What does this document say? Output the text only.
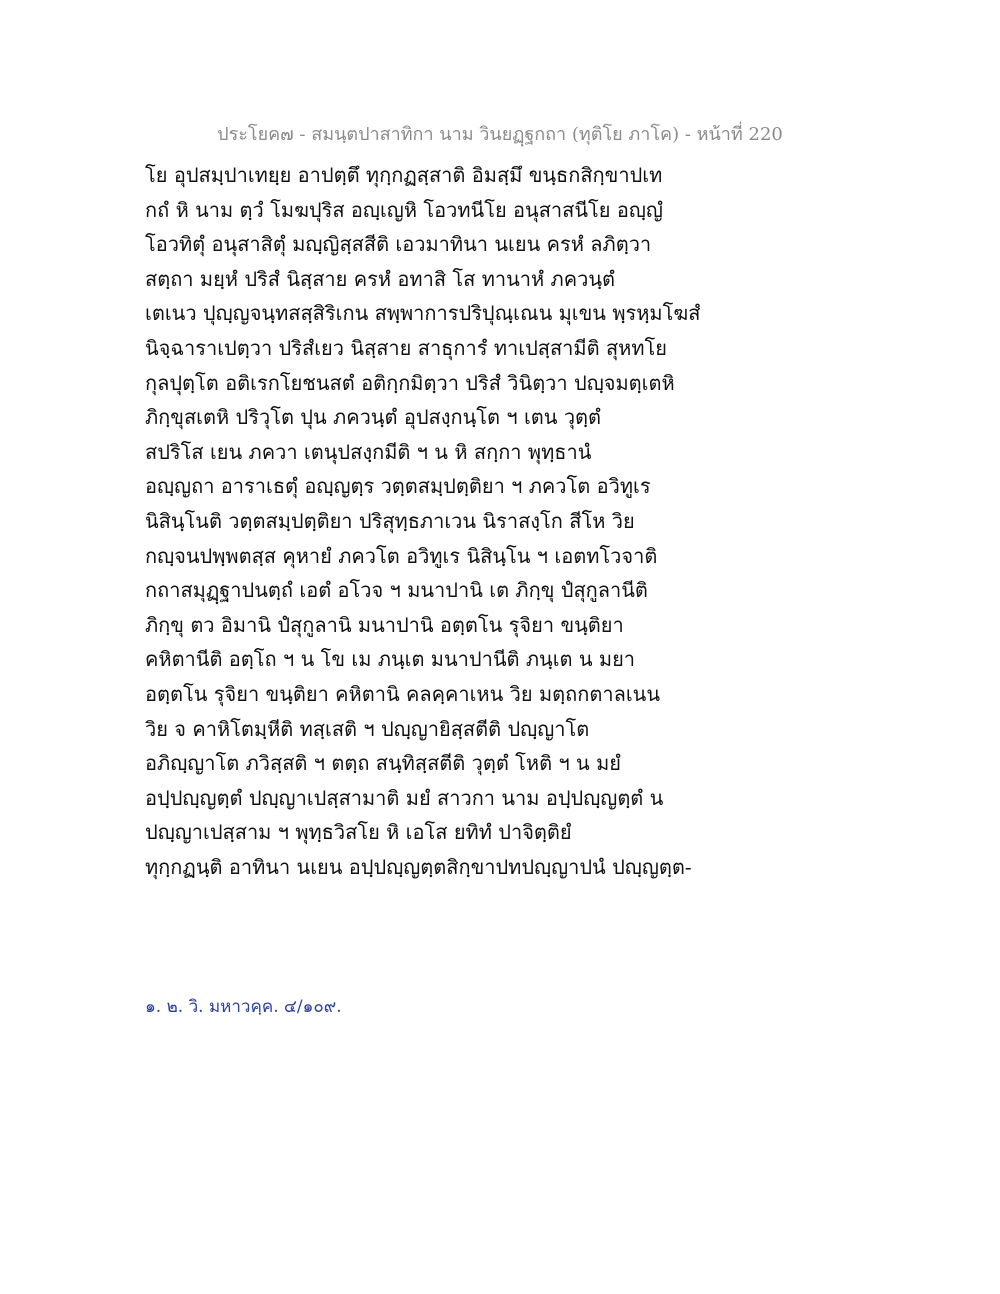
ประโยค๗ - สมนฺตปาสาทิกา นาม วินยฏฺฐกถา (ทุติโย ภาโค) - หน้าที่ 220
โย อุปสมฺปาเทยฺย อาปตฺตึ ทุกฺกฏสฺสาติ อิมสฺมึ ขนฺธกสิกฺขาปเท
กถํ หิ นาม ตฺวํ โมฆปุริส อญฺเญหิ โอวทนีโย อนุสาสนีโย อญฺญํ
โอวทิตุํ อนุสาสิตุํ มญฺญิสฺสสีติ เอวมาทินา นเยน ครหํ ลภิตฺวา
สตฺถา มยฺหํ ปริสํ นิสฺสาย ครหํ อทาสิ โส ทานาหํ ภควนฺตํ
เตเนว ปุญฺญจนฺทสสฺสิริเกน สพฺพาการปริปุณฺเณน มุเขน พฺรหฺมโฆสํ
นิจฺฉาราเปตฺวา ปริสํเยว นิสฺสาย สาธุการํ ทาเปสฺสามีติ สุหทโย
กุลปุตฺโต อติเรกโยชนสตํ อติกฺกมิตฺวา ปริสํ วินิตฺวา ปญฺจมตฺเตหิ
ภิกฺขุสเตหิ ปริวุโต ปุน ภควนฺตํ อุปสงฺกนฺโต ฯ เตน วุตฺตํ
สปริโส เยน ภควา เตนุปสงฺกมีติ ฯ น หิ สกฺกา พุทฺธานํ
อญฺญถา อาราเธตุํ อญฺญตฺร วตฺตสมฺปตฺติยา ฯ ภควโต อวิทูเร
นิสินฺโนติ วตฺตสมฺปตฺติยา ปริสุทฺธภาเวน นิราสงฺโก สีโห วิย
กญฺจนปพฺพตสฺส คุหายํ ภควโต อวิทูเร นิสินฺโน ฯ เอตทโวจาติ
กถาสมุฏฺฐาปนตฺถํ เอตํ อโวจ ฯ มนาปานิ เต ภิกฺขุ ปํสุกูลานีติ
ภิกฺขุ ตว อิมานิ ปํสุกูลานิ มนาปานิ อตฺตโน รุจิยา ขนฺติยา
คหิตานีติ อตฺโถ ฯ น โข เม ภนฺเต มนาปานีติ ภนฺเต น มยา
อตฺตโน รุจิยา ขนฺติยา คหิตานิ คลคฺคาเหน วิย มตฺถกตาลเนน
วิย จ คาหิโตมฺหีติ ทสฺเสติ ฯ ปญฺญายิสฺสตีติ ปญฺญาโต
อภิญฺญาโต ภวิสฺสติ ฯ ตตฺถ สนฺทิสฺสตีติ วุตฺตํ โหติ ฯ น มยํ
อปฺปญฺญตฺตํ ปญฺญาเปสฺสามาติ มยํ สาวกา นาม อปฺปญฺญตฺตํ น
ปญฺญาเปสฺสาม ฯ พุทฺธวิสโย หิ เอโส ยทิทํ ปาจิตฺติยํ
ทุกฺกฏนฺติ อาทินา นเยน อปฺปญฺญตฺตสิกฺขาปทปญฺญาปนํ ปญฺญตฺต-
๑. ๒. วิ. มหาวคฺค. ๔/๑๐๙.
